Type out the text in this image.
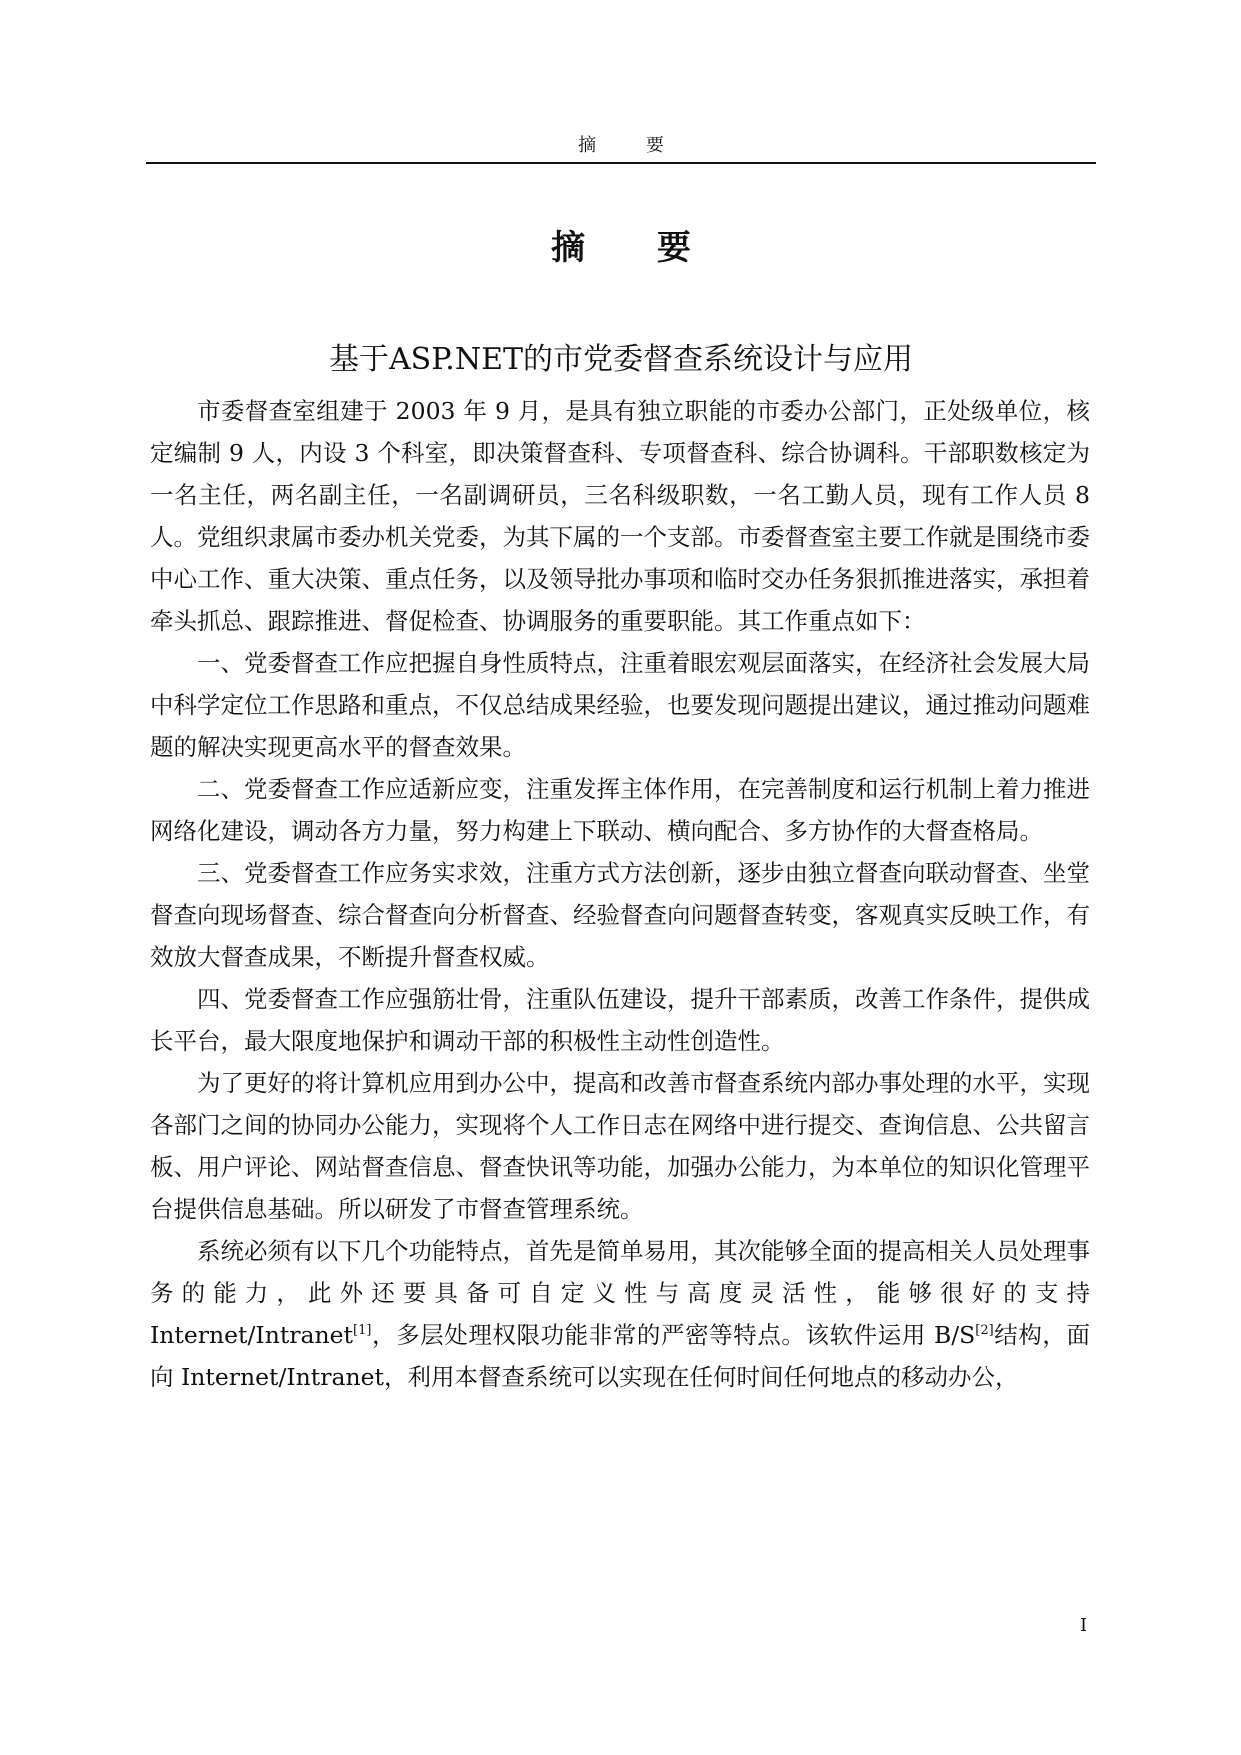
摘 要
摘 要
基于ASP.NET的市党委督查系统设计与应用

市委督查室组建于 2003 年 9 月，是具有独立职能的市委办公部门，正处级单位，核定编制 9 人，内设 3 个科室，即决策督查科、专项督查科、综合协调科。干部职数核定为一名主任，两名副主任，一名副调研员，三名科级职数，一名工勤人员，现有工作人员 8 人。党组织隶属市委办机关党委，为其下属的一个支部。市委督查室主要工作就是围绕市委中心工作、重大决策、重点任务，以及领导批办事项和临时交办任务狠抓推进落实，承担着牵头抓总、跟踪推进、督促检查、协调服务的重要职能。其工作重点如下：

一、党委督查工作应把握自身性质特点，注重着眼宏观层面落实，在经济社会发展大局中科学定位工作思路和重点，不仅总结成果经验，也要发现问题提出建议，通过推动问题难题的解决实现更高水平的督查效果。

二、党委督查工作应适新应变，注重发挥主体作用，在完善制度和运行机制上着力推进网络化建设，调动各方力量，努力构建上下联动、横向配合、多方协作的大督查格局。

三、党委督查工作应务实求效，注重方式方法创新，逐步由独立督查向联动督查、坐堂督查向现场督查、综合督查向分析督查、经验督查向问题督查转变，客观真实反映工作，有效放大督查成果，不断提升督查权威。

四、党委督查工作应强筋壮骨，注重队伍建设，提升干部素质，改善工作条件，提供成长平台，最大限度地保护和调动干部的积极性主动性创造性。

为了更好的将计算机应用到办公中，提高和改善市督查系统内部办事处理的水平，实现各部门之间的协同办公能力，实现将个人工作日志在网络中进行提交、查询信息、公共留言板、用户评论、网站督查信息、督查快讯等功能，加强办公能力，为本单位的知识化管理平台提供信息基础。所以研发了市督查管理系统。

系统必须有以下几个功能特点，首先是简单易用，其次能够全面的提高相关人员处理事务的能力，此外还要具备可自定义性与高度灵活性，能够很好的支持 Internet/Intranet[1]，多层处理权限功能非常的严密等特点。该软件运用 B/S[2]结构，面向 Internet/Intranet，利用本督查系统可以实现在任何时间任何地点的移动办公，

I
